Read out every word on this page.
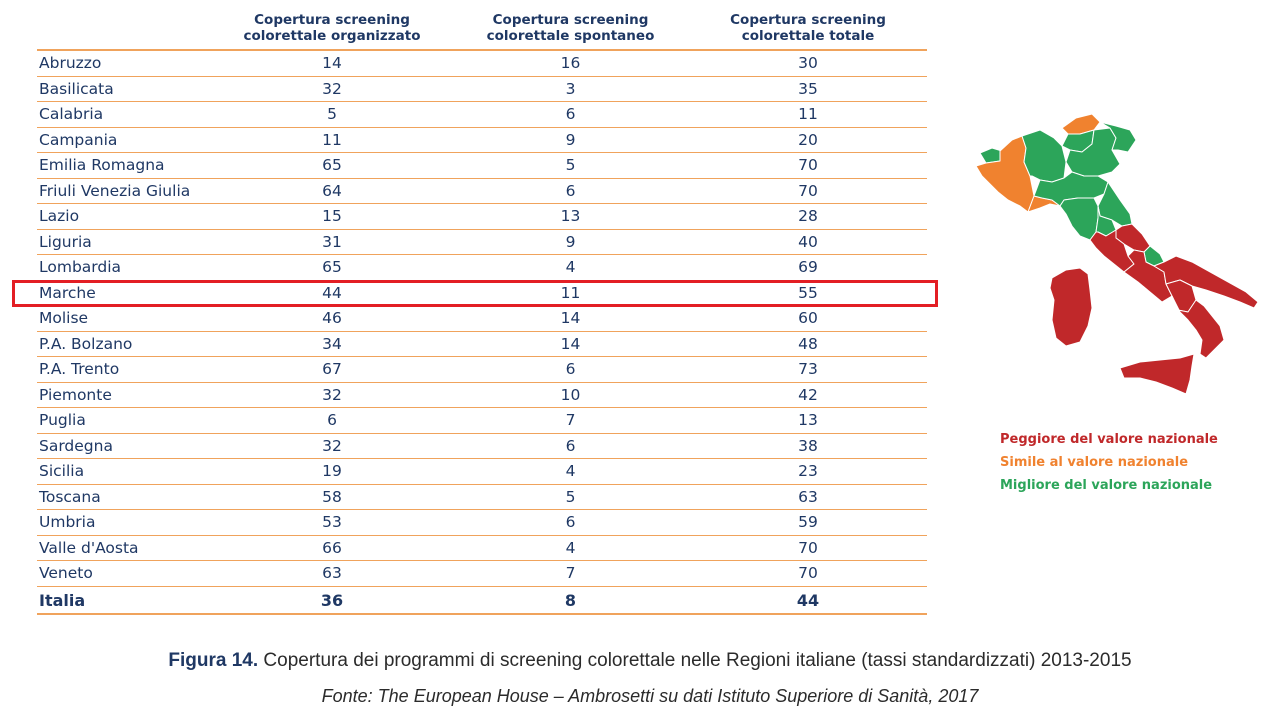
Copertura screening
colorettale organizzato
Copertura screening
colorettale spontaneo
Copertura screening
colorettale totale
Abruzzo	14	16	30
Basilicata	32	3	35
Calabria	5	6	11
Campania	11	9	20
Emilia Romagna	65	5	70
Friuli Venezia Giulia	64	6	70
Lazio	15	13	28
Liguria	31	9	40
Lombardia	65	4	69
Marche	44	11	55
Molise	46	14	60
P.A. Bolzano	34	14	48
P.A. Trento	67	6	73
Piemonte	32	10	42
Puglia	6	7	13
Sardegna	32	6	38
Sicilia	19	4	23
Toscana	58	5	63
Umbria	53	6	59
Valle d'Aosta	66	4	70
Veneto	63	7	70
Italia	36	8	44
Peggiore del valore nazionale
Simile al valore nazionale
Migliore del valore nazionale
Figura 14. Copertura dei programmi di screening colorettale nelle Regioni italiane (tassi standardizzati) 2013-2015
Fonte: The European House – Ambrosetti su dati Istituto Superiore di Sanità, 2017
